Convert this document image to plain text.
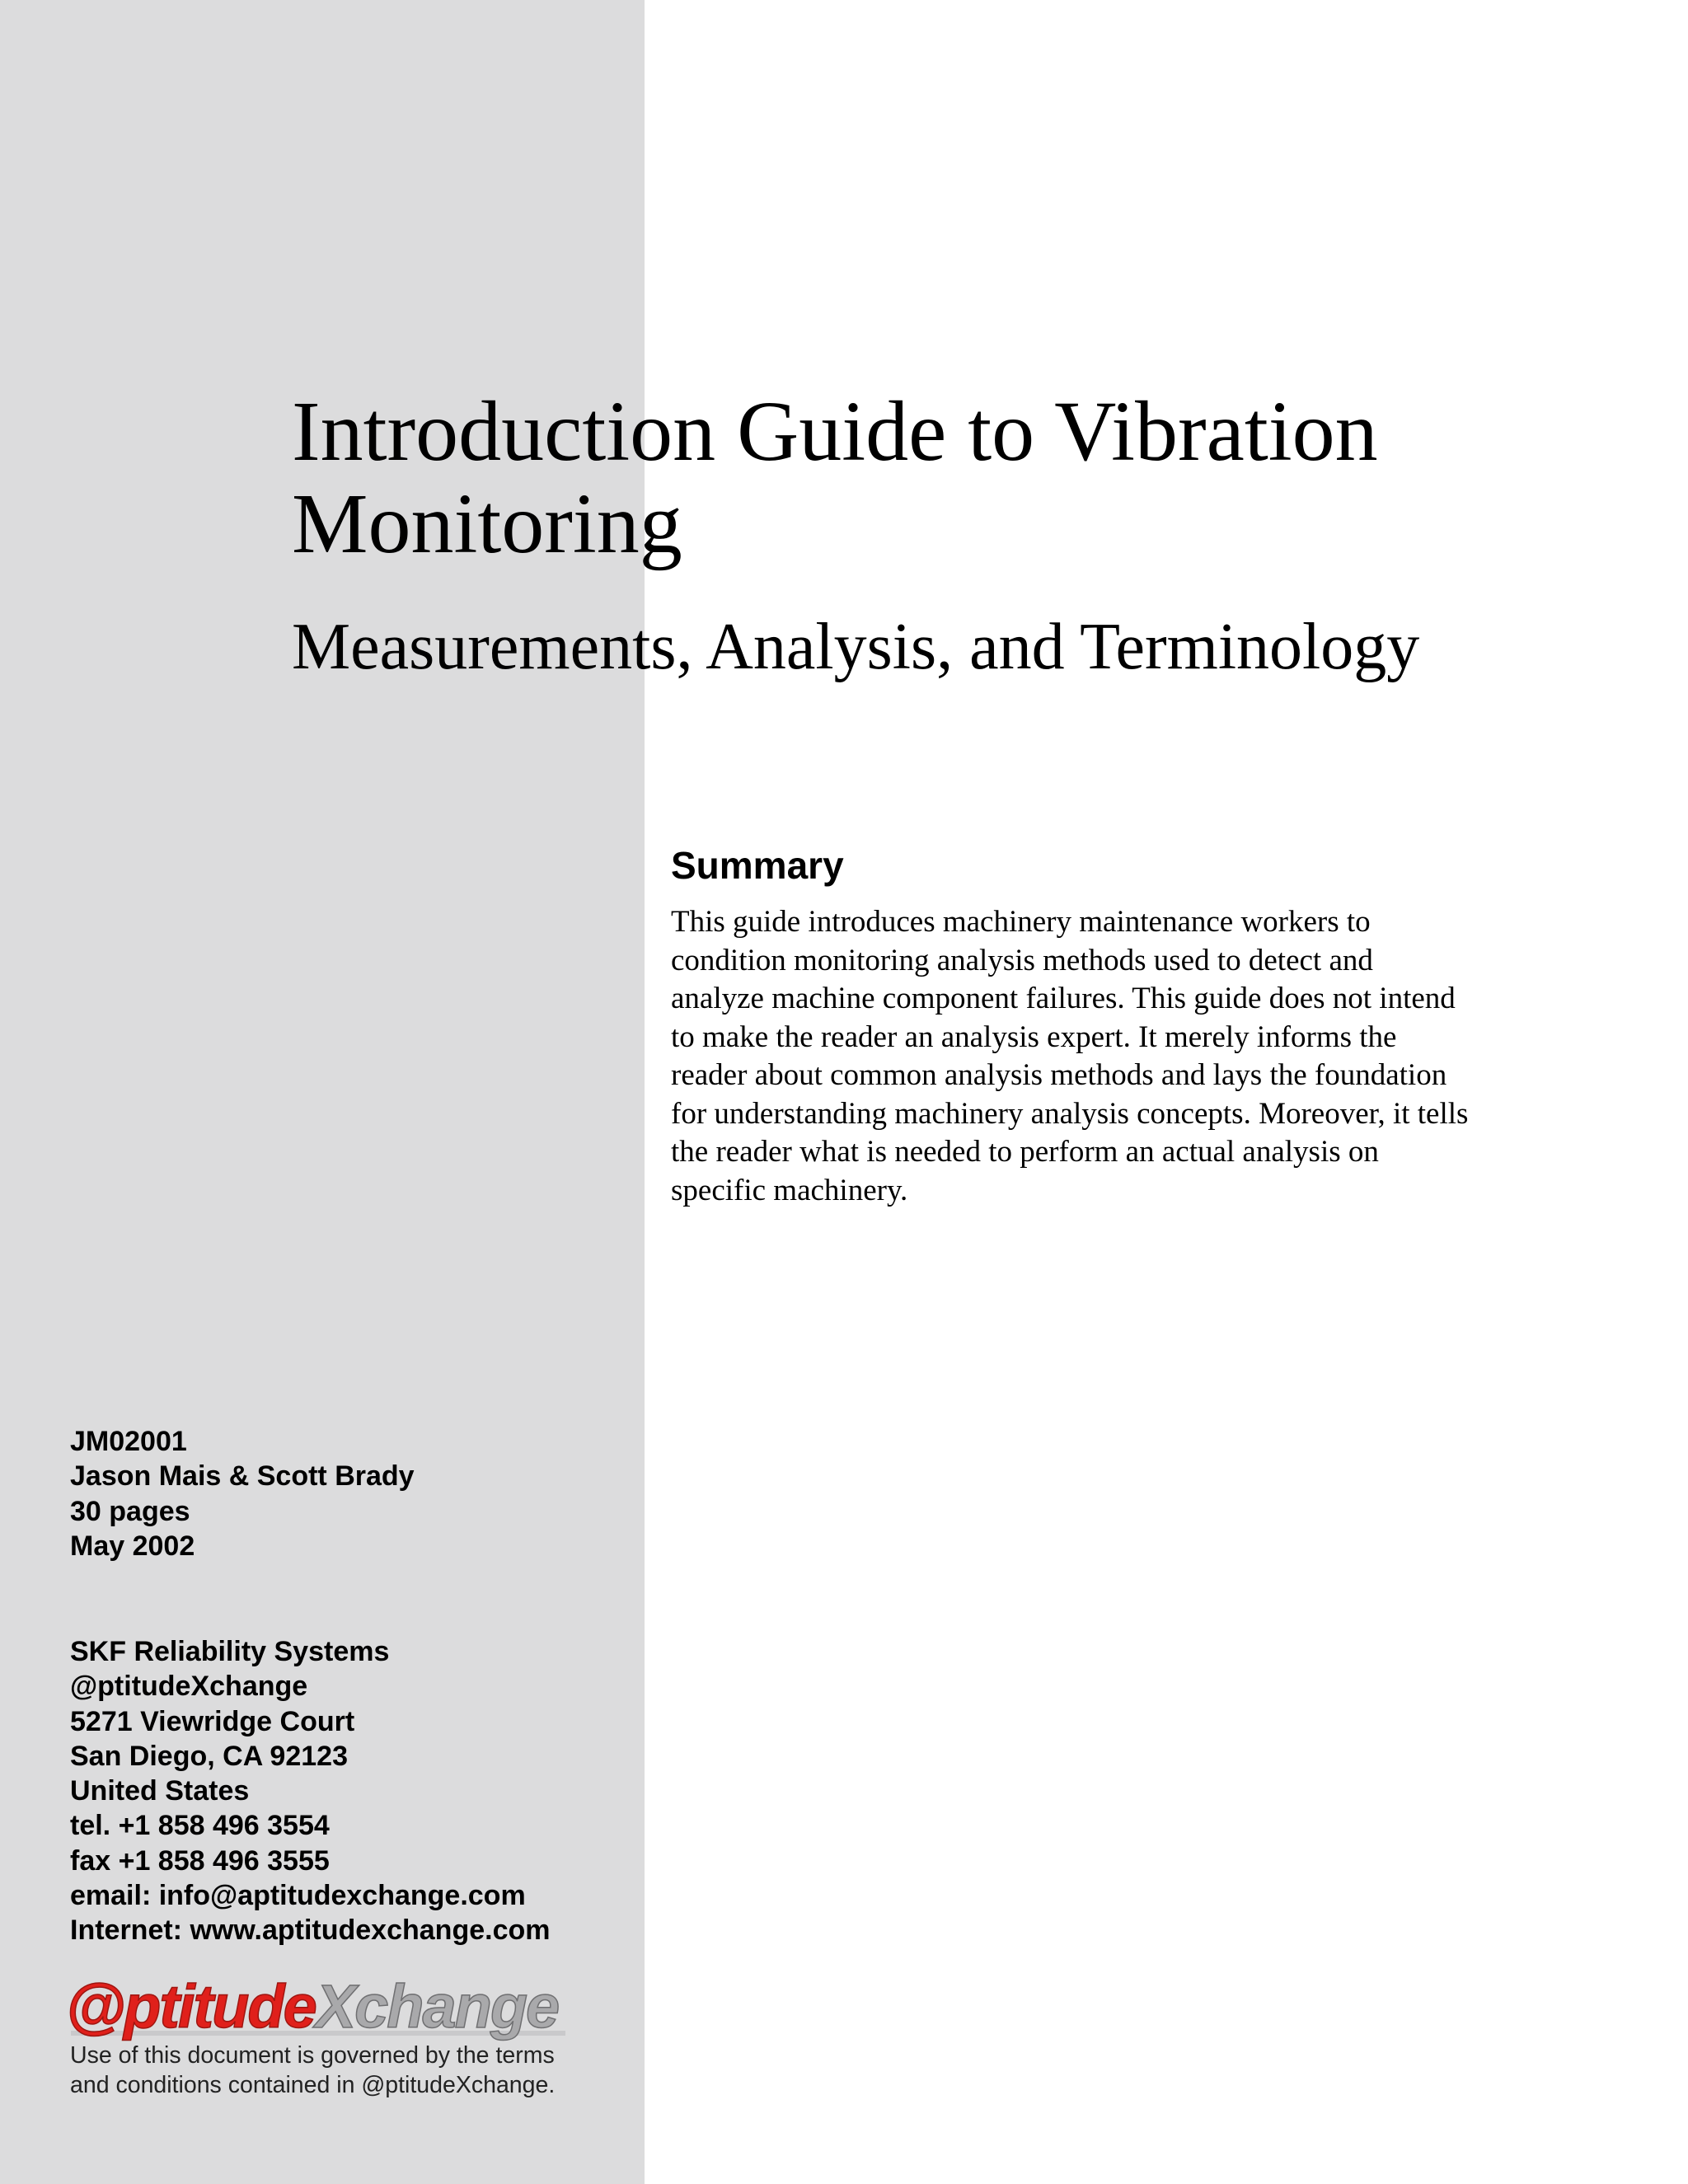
Introduction Guide to Vibration
Monitoring
Measurements, Analysis, and Terminology
Summary

This guide introduces machinery maintenance workers to
condition monitoring analysis methods used to detect and
analyze machine component failures. This guide does not intend
to make the reader an analysis expert. It merely informs the
reader about common analysis methods and lays the foundation
for understanding machinery analysis concepts. Moreover, it tells
the reader what is needed to perform an actual analysis on
specific machinery.

JM02001
Jason Mais & Scott Brady
30 pages
May 2002
SKF Reliability Systems
@ptitudeXchange
5271 Viewridge Court
San Diego, CA 92123
United States
tel. +1 858 496 3554
fax +1 858 496 3555
email: info@aptitudexchange.com
Internet: www.aptitudexchange.com
@ptitudeXchange

Use of this document is governed by the terms
and conditions contained in @ptitudeXchange.
